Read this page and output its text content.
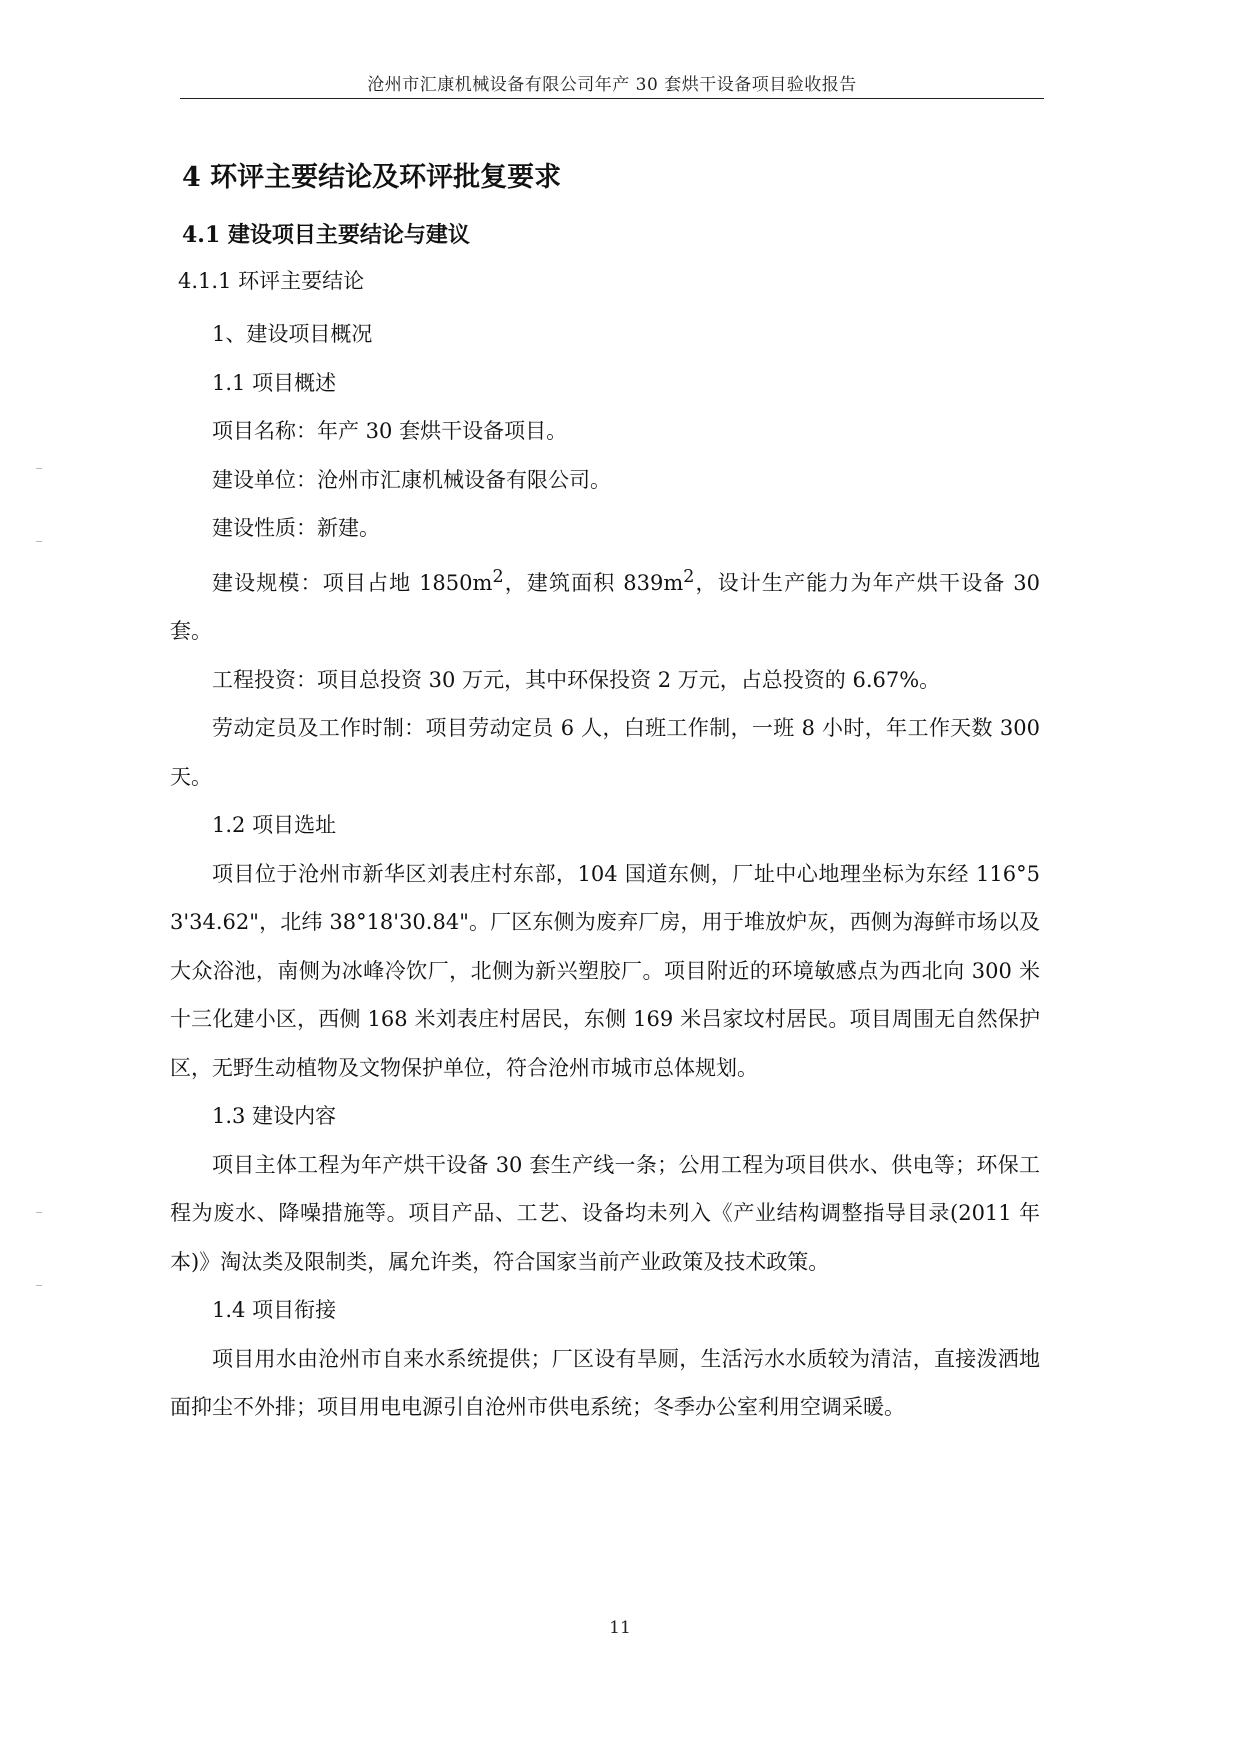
沧州市汇康机械设备有限公司年产 30 套烘干设备项目验收报告
4 环评主要结论及环评批复要求
4.1 建设项目主要结论与建议
4.1.1 环评主要结论

1、建设项目概况

1.1 项目概述

项目名称：年产 30 套烘干设备项目。

建设单位：沧州市汇康机械设备有限公司。

建设性质：新建。

建设规模：项目占地 $1850m^2$，建筑面积 $839m^2$，设计生产能力为年产烘干设备 30 套。

工程投资：项目总投资 30 万元，其中环保投资 2 万元，占总投资的 6.67%。

劳动定员及工作时制：项目劳动定员 6 人，白班工作制，一班 8 小时，年工作天数 300 天。

1.2 项目选址

项目位于沧州市新华区刘表庄村东部，104 国道东侧，厂址中心地理坐标为东经 116°53'34.62"，北纬 38°18'30.84"。厂区东侧为废弃厂房，用于堆放炉灰，西侧为海鲜市场以及大众浴池，南侧为冰峰冷饮厂，北侧为新兴塑胶厂。项目附近的环境敏感点为西北向 300 米十三化建小区，西侧 168 米刘表庄村居民，东侧 169 米吕家坟村居民。项目周围无自然保护区，无野生动植物及文物保护单位，符合沧州市城市总体规划。

1.3 建设内容

项目主体工程为年产烘干设备 30 套生产线一条；公用工程为项目供水、供电等；环保工程为废水、降噪措施等。项目产品、工艺、设备均未列入《产业结构调整指导目录(2011 年本)》淘汰类及限制类，属允许类，符合国家当前产业政策及技术政策。

1.4 项目衔接

项目用水由沧州市自来水系统提供；厂区设有旱厕，生活污水水质较为清洁，直接泼洒地面抑尘不外排；项目用电电源引自沧州市供电系统；冬季办公室利用空调采暖。

11
